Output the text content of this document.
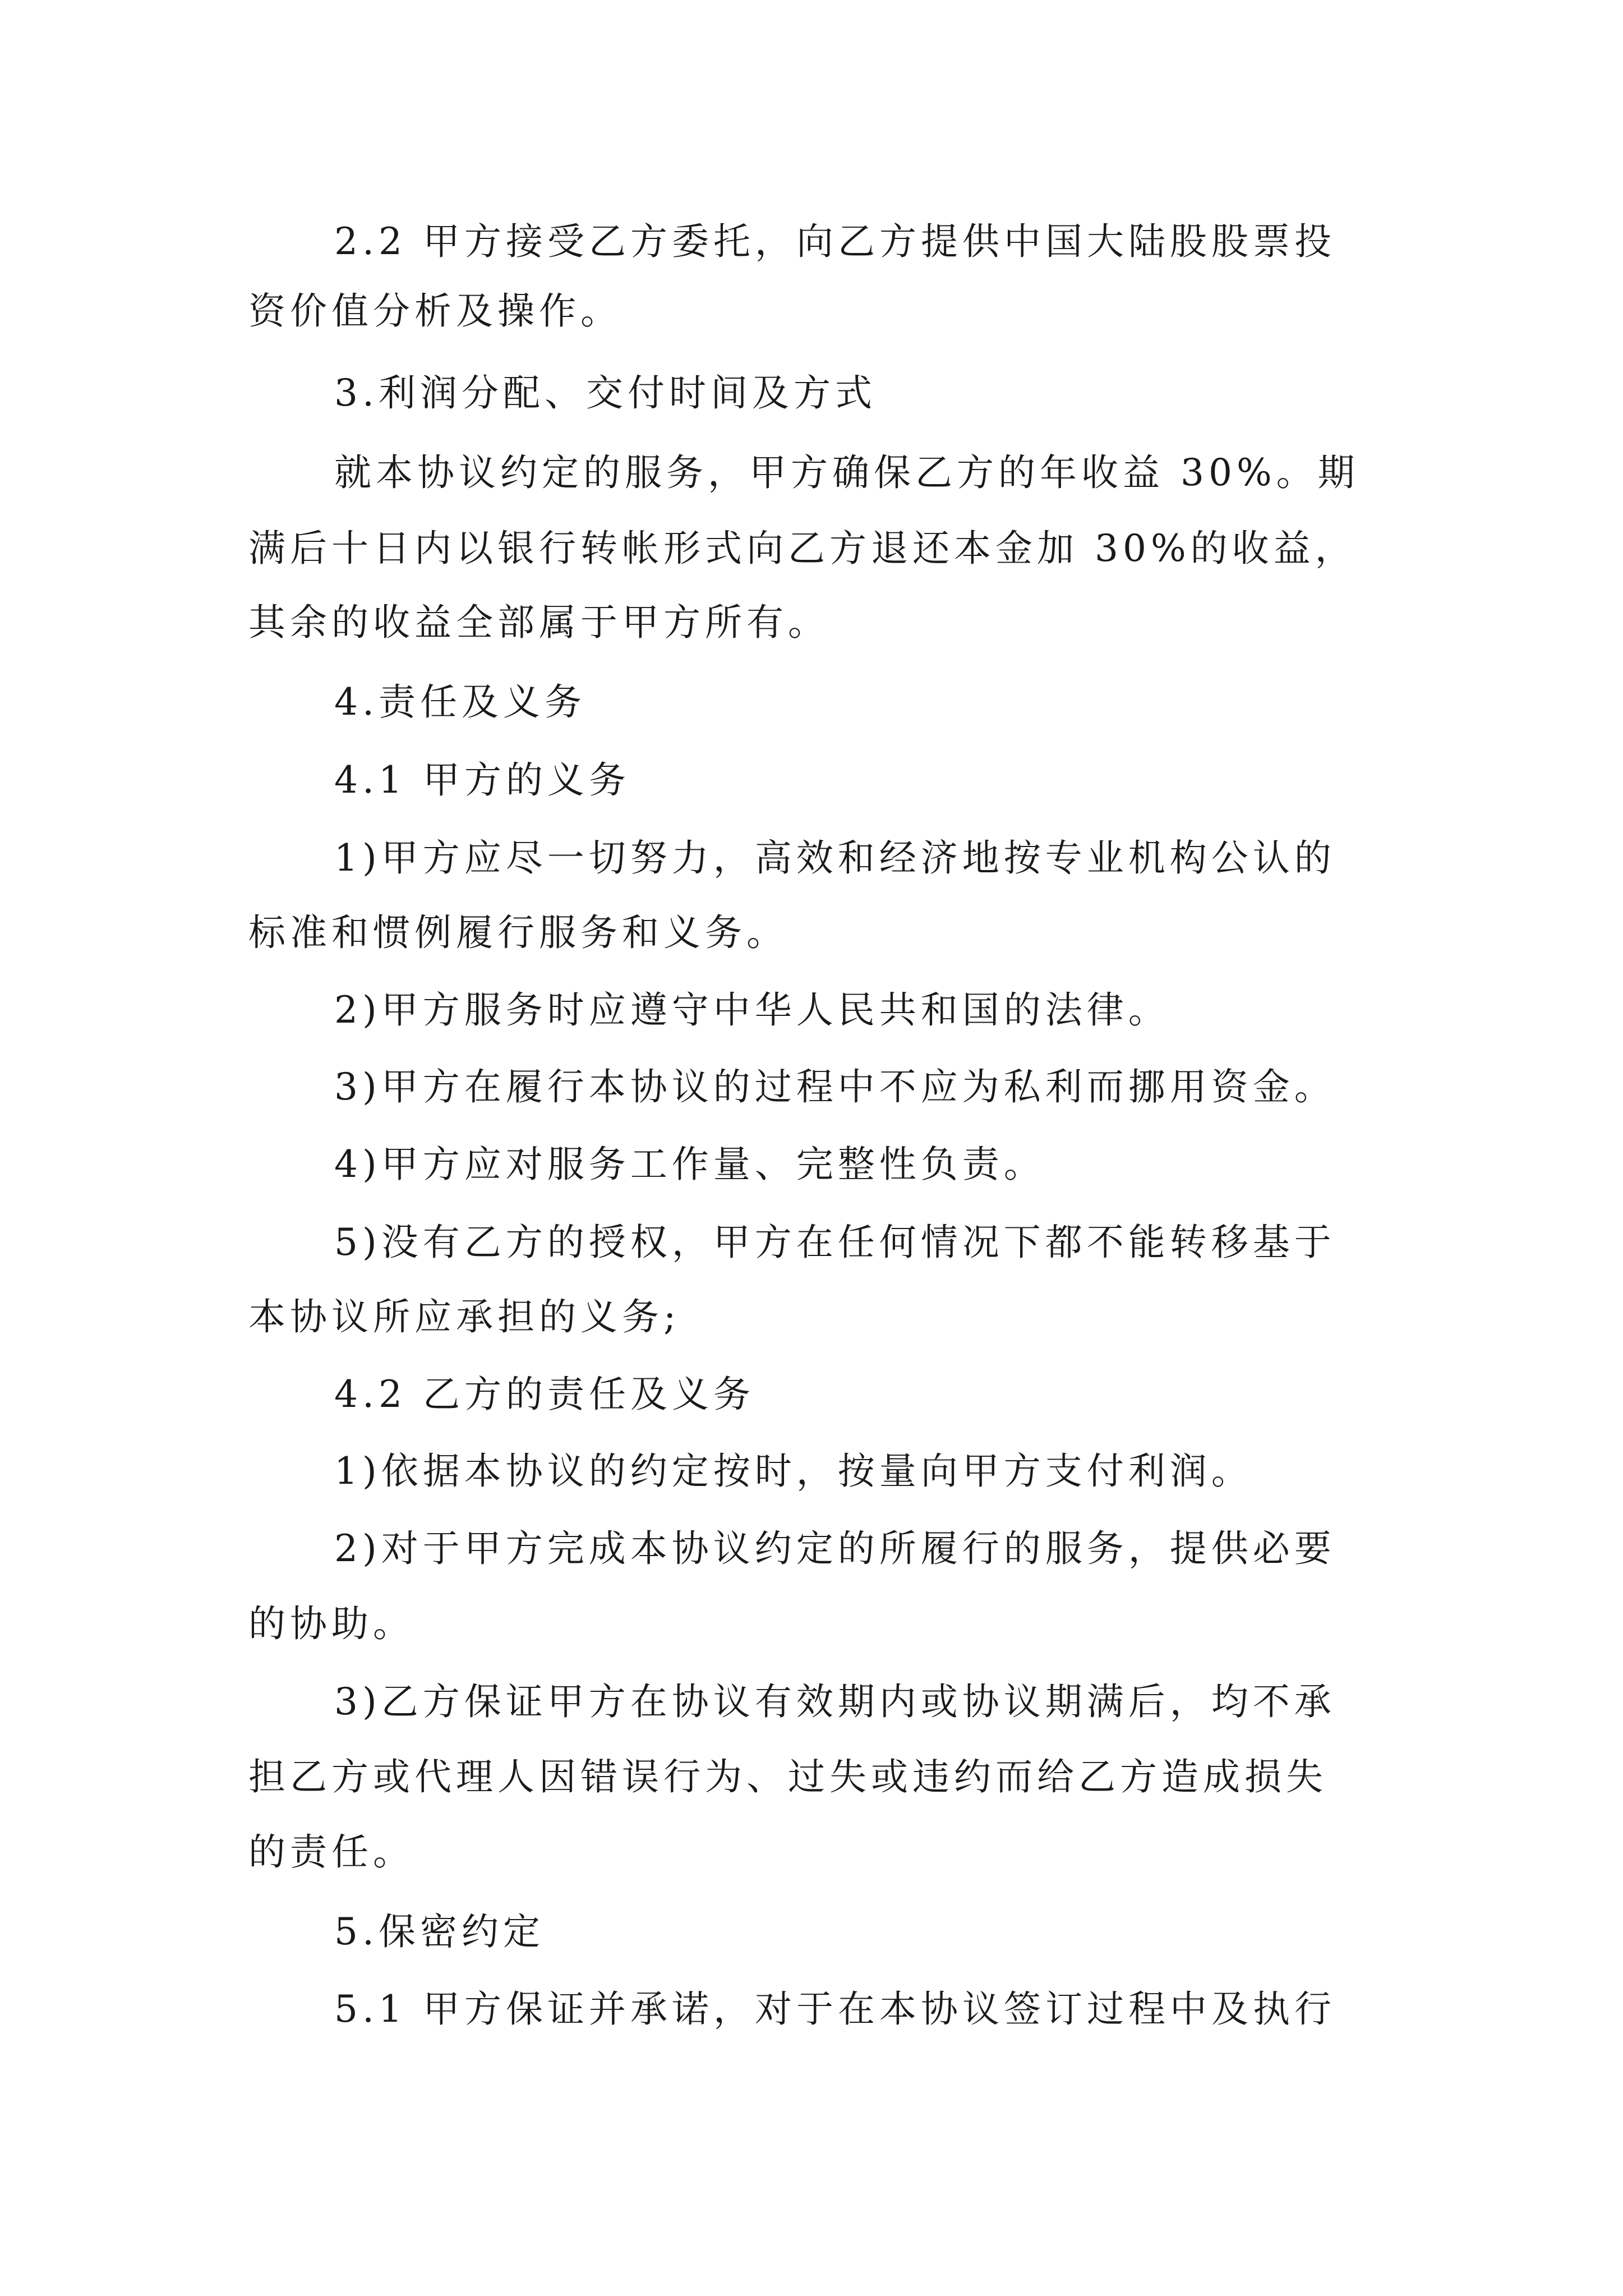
2.2 甲方接受乙方委托，向乙方提供中国大陆股股票投

资价值分析及操作。

3.利润分配、交付时间及方式

就本协议约定的服务，甲方确保乙方的年收益 30%。期

满后十日内以银行转帐形式向乙方退还本金加 30%的收益，

其余的收益全部属于甲方所有。

4.责任及义务

4.1 甲方的义务

1)甲方应尽一切努力，高效和经济地按专业机构公认的

标准和惯例履行服务和义务。

2)甲方服务时应遵守中华人民共和国的法律。

3)甲方在履行本协议的过程中不应为私利而挪用资金。

4)甲方应对服务工作量、完整性负责。

5)没有乙方的授权，甲方在任何情况下都不能转移基于

本协议所应承担的义务;

4.2 乙方的责任及义务

1)依据本协议的约定按时，按量向甲方支付利润。

2)对于甲方完成本协议约定的所履行的服务，提供必要

的协助。

3)乙方保证甲方在协议有效期内或协议期满后，均不承

担乙方或代理人因错误行为、过失或违约而给乙方造成损失

的责任。

5.保密约定

5.1 甲方保证并承诺，对于在本协议签订过程中及执行
